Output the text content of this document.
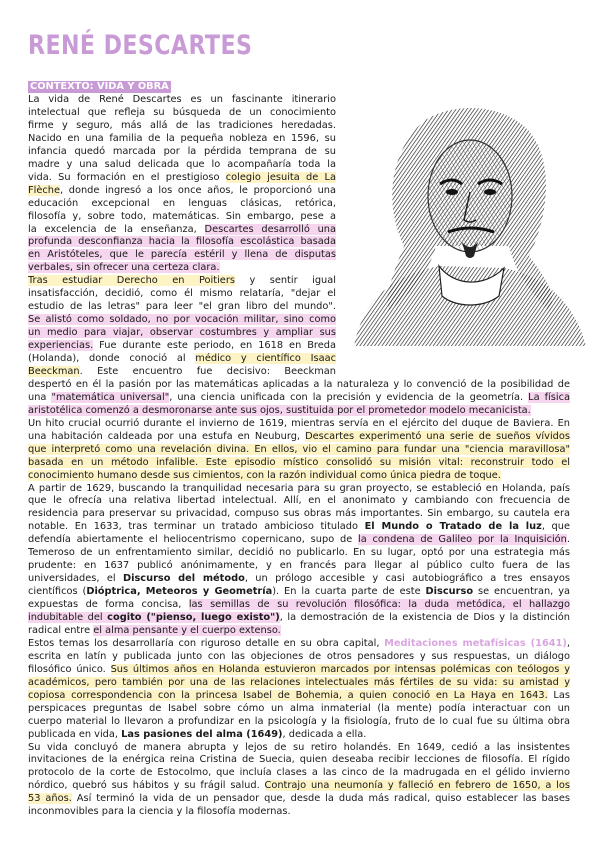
RENÉ DESCARTES
CONTEXTO: VIDA Y OBRA
La vida de René Descartes es un fascinante itinerario
intelectual que refleja su búsqueda de un conocimiento
firme y seguro, más allá de las tradiciones heredadas.
Nacido en una familia de la pequeña nobleza en 1596, su
infancia quedó marcada por la pérdida temprana de su
madre y una salud delicada que lo acompañaría toda la
vida. Su formación en el prestigioso colegio jesuita de La
Flèche, donde ingresó a los once años, le proporcionó una
educación excepcional en lenguas clásicas, retórica,
filosofía y, sobre todo, matemáticas. Sin embargo, pese a
la excelencia de la enseñanza, Descartes desarrolló una
profunda desconfianza hacia la filosofía escolástica basada
en Aristóteles, que le parecía estéril y llena de disputas
verbales, sin ofrecer una certeza clara.
Tras estudiar Derecho en Poitiers y sentir igual
insatisfacción, decidió, como él mismo relataría, "dejar el
estudio de las letras" para leer "el gran libro del mundo".
Se alistó como soldado, no por vocación militar, sino como
un medio para viajar, observar costumbres y ampliar sus
experiencias. Fue durante este periodo, en 1618 en Breda
(Holanda), donde conoció al médico y científico Isaac
Beeckman. Este encuentro fue decisivo: Beeckman
despertó en él la pasión por las matemáticas aplicadas a la naturaleza y lo convenció de la posibilidad de
una "matemática universal", una ciencia unificada con la precisión y evidencia de la geometría. La física
aristotélica comenzó a desmoronarse ante sus ojos, sustituida por el prometedor modelo mecanicista.
Un hito crucial ocurrió durante el invierno de 1619, mientras servía en el ejército del duque de Baviera. En
una habitación caldeada por una estufa en Neuburg, Descartes experimentó una serie de sueños vívidos
que interpretó como una revelación divina. En ellos, vio el camino para fundar una "ciencia maravillosa"
basada en un método infalible. Este episodio místico consolidó su misión vital: reconstruir todo el
conocimiento humano desde sus cimientos, con la razón individual como única piedra de toque.
A partir de 1629, buscando la tranquilidad necesaria para su gran proyecto, se estableció en Holanda, país
que le ofrecía una relativa libertad intelectual. Allí, en el anonimato y cambiando con frecuencia de
residencia para preservar su privacidad, compuso sus obras más importantes. Sin embargo, su cautela era
notable. En 1633, tras terminar un tratado ambicioso titulado El Mundo o Tratado de la luz, que
defendía abiertamente el heliocentrismo copernicano, supo de la condena de Galileo por la Inquisición.
Temeroso de un enfrentamiento similar, decidió no publicarlo. En su lugar, optó por una estrategia más
prudente: en 1637 publicó anónimamente, y en francés para llegar al público culto fuera de las
universidades, el Discurso del método, un prólogo accesible y casi autobiográfico a tres ensayos
científicos (Dióptrica, Meteoros y Geometría). En la cuarta parte de este Discurso se encuentran, ya
expuestas de forma concisa, las semillas de su revolución filosófica: la duda metódica, el hallazgo
indubitable del cogito ("pienso, luego existo"), la demostración de la existencia de Dios y la distinción
radical entre el alma pensante y el cuerpo extenso.
Estos temas los desarrollaría con riguroso detalle en su obra capital, Meditaciones metafísicas (1641),
escrita en latín y publicada junto con las objeciones de otros pensadores y sus respuestas, un diálogo
filosófico único. Sus últimos años en Holanda estuvieron marcados por intensas polémicas con teólogos y
académicos, pero también por una de las relaciones intelectuales más fértiles de su vida: su amistad y
copiosa correspondencia con la princesa Isabel de Bohemia, a quien conoció en La Haya en 1643. Las
perspicaces preguntas de Isabel sobre cómo un alma inmaterial (la mente) podía interactuar con un
cuerpo material lo llevaron a profundizar en la psicología y la fisiología, fruto de lo cual fue su última obra
publicada en vida, Las pasiones del alma (1649), dedicada a ella.
Su vida concluyó de manera abrupta y lejos de su retiro holandés. En 1649, cedió a las insistentes
invitaciones de la enérgica reina Cristina de Suecia, quien deseaba recibir lecciones de filosofía. El rígido
protocolo de la corte de Estocolmo, que incluía clases a las cinco de la madrugada en el gélido invierno
nórdico, quebró sus hábitos y su frágil salud. Contrajo una neumonía y falleció en febrero de 1650, a los
53 años. Así terminó la vida de un pensador que, desde la duda más radical, quiso establecer las bases
inconmovibles para la ciencia y la filosofía modernas.
